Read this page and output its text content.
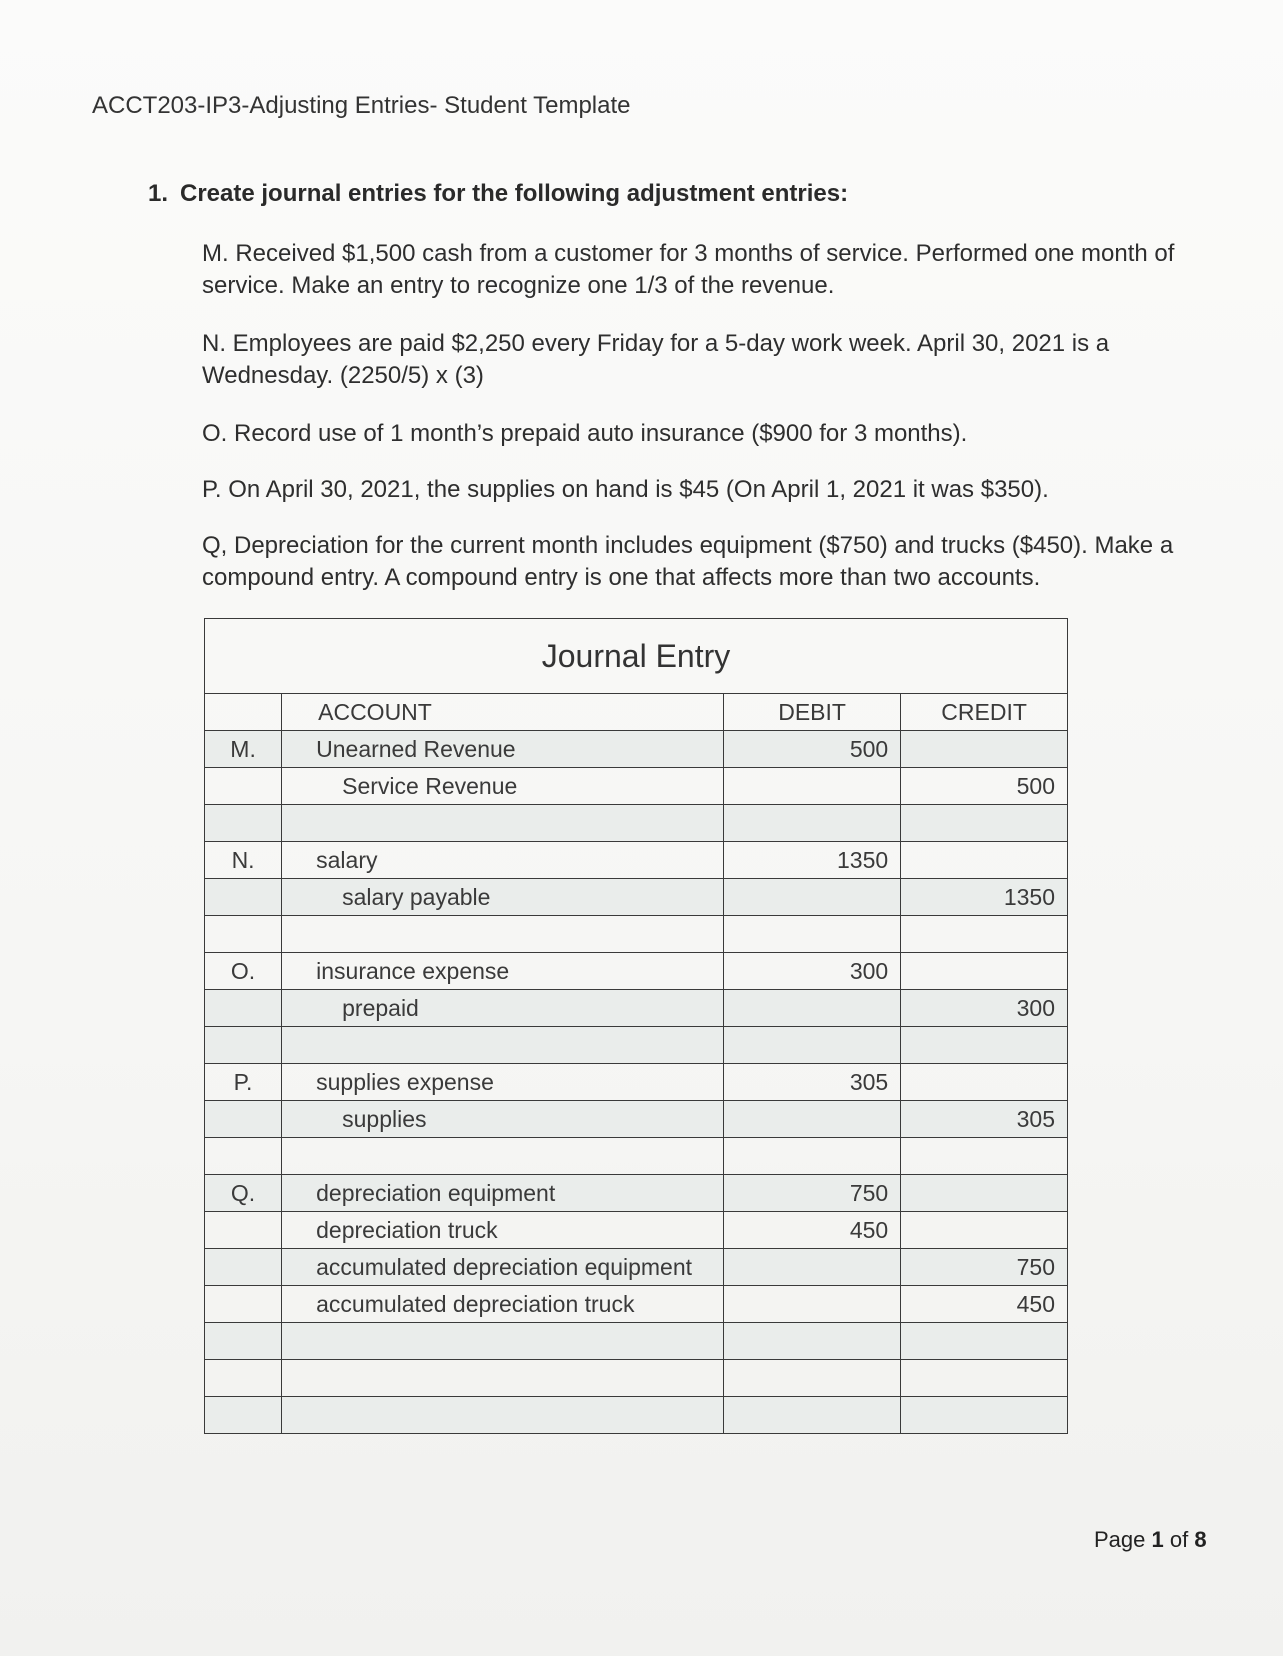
ACCT203-IP3-Adjusting Entries- Student Template
1. Create journal entries for the following adjustment entries:
M. Received $1,500 cash from a customer for 3 months of service. Performed one month of service. Make an entry to recognize one 1/3 of the revenue.
N. Employees are paid $2,250 every Friday for a 5-day work week. April 30, 2021 is a Wednesday. (2250/5) x (3)
O. Record use of 1 month’s prepaid auto insurance ($900 for 3 months).
P. On April 30, 2021, the supplies on hand is $45 (On April 1, 2021 it was $350).
Q, Depreciation for the current month includes equipment ($750) and trucks ($450). Make a compound entry. A compound entry is one that affects more than two accounts.
Journal Entry			
	ACCOUNT	DEBIT	CREDIT
M.	Unearned Revenue	500	
	Service Revenue		500

N.	salary	1350	
	salary payable		1350

O.	insurance expense	300	
	prepaid		300

P.	supplies expense	305	
	supplies		305

Q.	depreciation equipment	750	
	depreciation truck	450	
	accumulated depreciation equipment		750
	accumulated depreciation truck		450

Page 1 of 8
